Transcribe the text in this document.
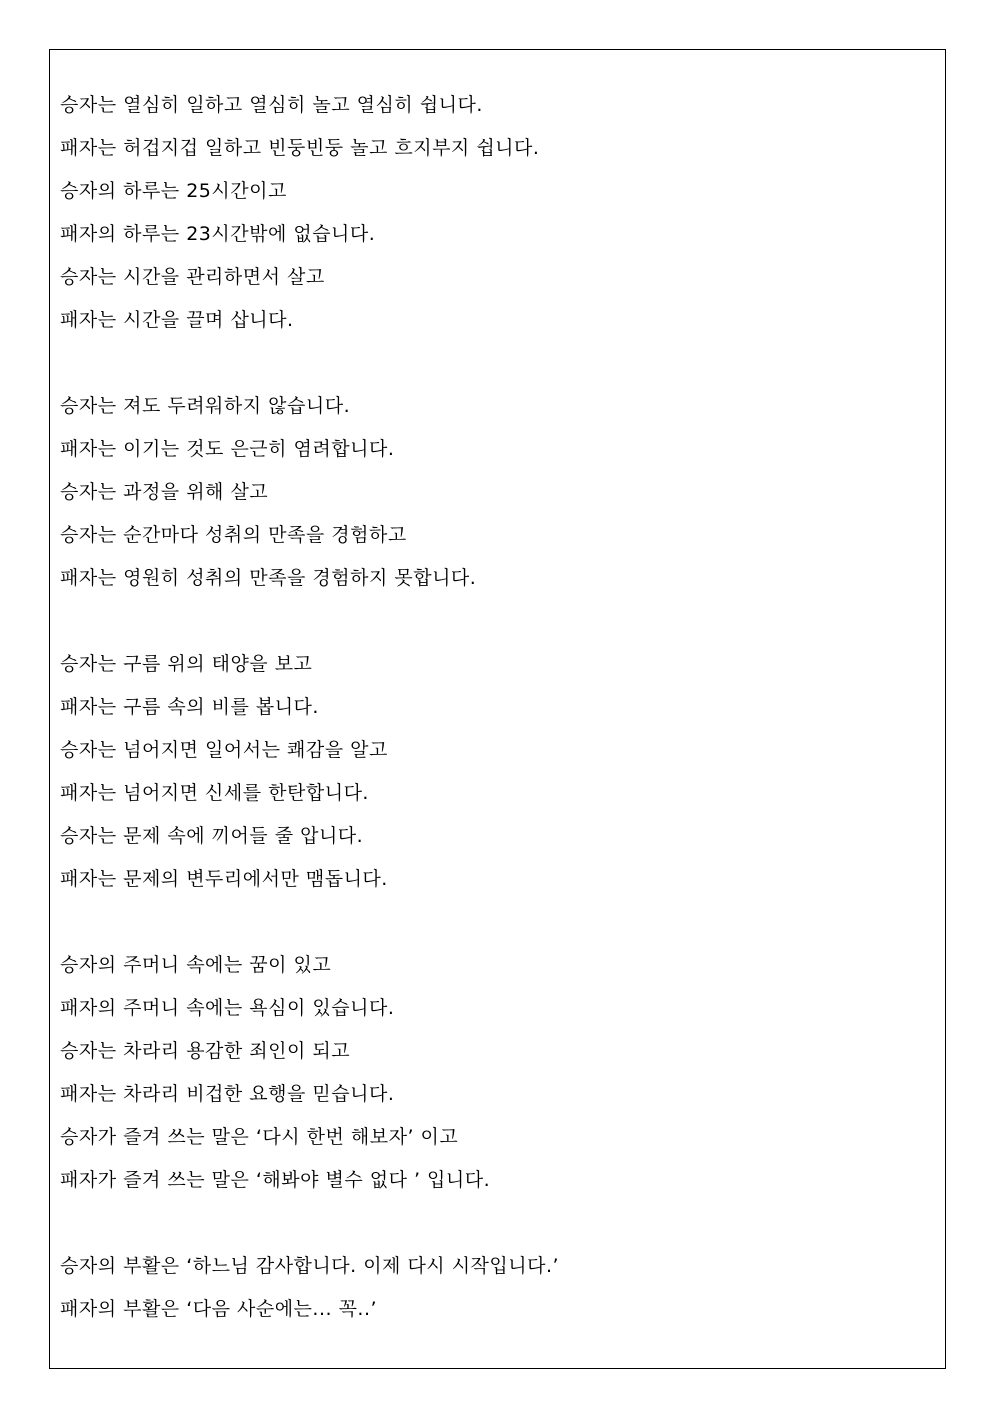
승자는 열심히 일하고 열심히 놀고 열심히 쉽니다.
패자는 허겁지겁 일하고 빈둥빈둥 놀고 흐지부지 쉽니다.
승자의 하루는 25시간이고
패자의 하루는 23시간밖에 없습니다.
승자는 시간을 관리하면서 살고
패자는 시간을 끌며 삽니다.
승자는 져도 두려워하지 않습니다.
패자는 이기는 것도 은근히 염려합니다.
승자는 과정을 위해 살고
승자는 순간마다 성취의 만족을 경험하고
패자는 영원히 성취의 만족을 경험하지 못합니다.
승자는 구름 위의 태양을 보고
패자는 구름 속의 비를 봅니다.
승자는 넘어지면 일어서는 쾌감을 알고
패자는 넘어지면 신세를 한탄합니다.
승자는 문제 속에 끼어들 줄 압니다.
패자는 문제의 변두리에서만 맴돕니다.
승자의 주머니 속에는 꿈이 있고
패자의 주머니 속에는 욕심이 있습니다.
승자는 차라리 용감한 죄인이 되고
패자는 차라리 비겁한 요행을 믿습니다.
승자가 즐겨 쓰는 말은 ‘다시 한번 해보자’ 이고
패자가 즐겨 쓰는 말은 ‘해봐야 별수 없다 ’ 입니다.
승자의 부활은 ‘하느님 감사합니다. 이제 다시 시작입니다.’
패자의 부활은 ‘다음 사순에는... 꼭..’
